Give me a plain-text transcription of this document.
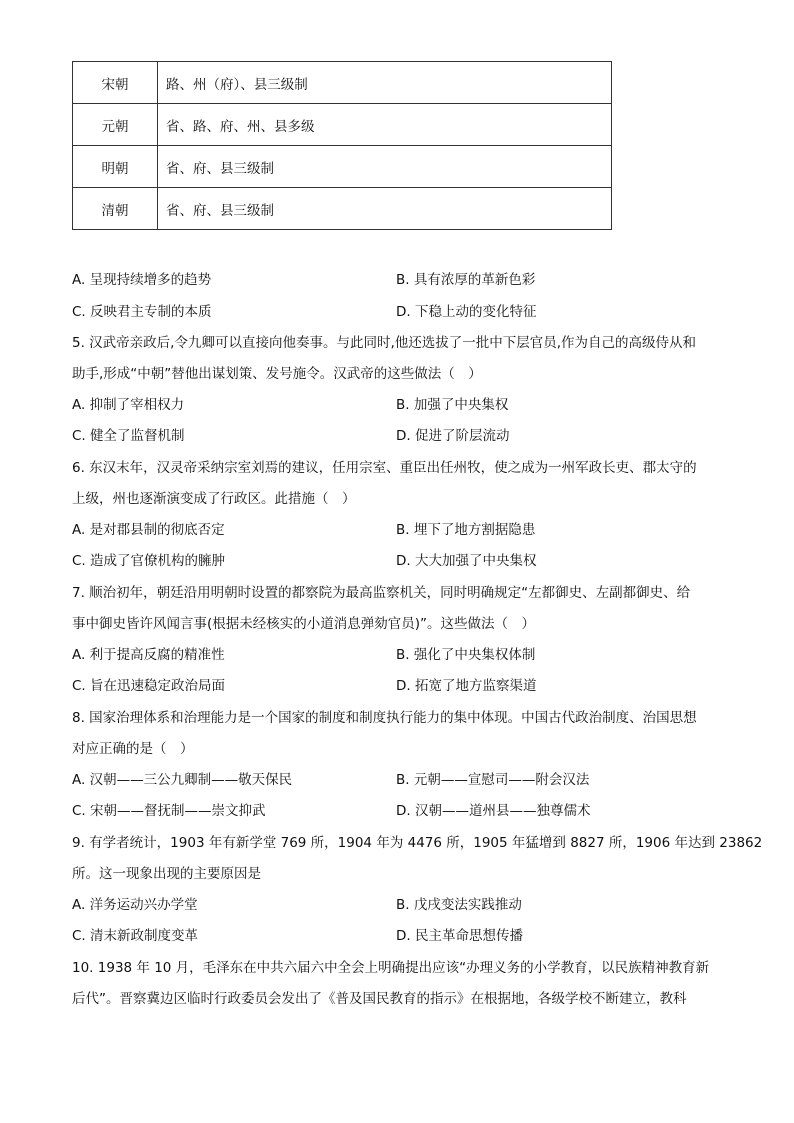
宋朝	路、州（府）、县三级制
元朝	省、路、府、州、县多级
明朝	省、府、县三级制
清朝	省、府、县三级制
A. 呈现持续增多的趋势	B. 具有浓厚的革新色彩
C. 反映君主专制的本质	D. 下稳上动的变化特征
5. 汉武帝亲政后,令九卿可以直接向他奏事。与此同时,他还选拔了一批中下层官员,作为自己的高级侍从和
助手,形成“中朝”替他出谋划策、发号施令。汉武帝的这些做法（　）
A. 抑制了宰相权力	B. 加强了中央集权
C. 健全了监督机制	D. 促进了阶层流动
6. 东汉末年，汉灵帝采纳宗室刘焉的建议，任用宗室、重臣出任州牧，使之成为一州军政长吏、郡太守的
上级，州也逐渐演变成了行政区。此措施（　）
A. 是对郡县制的彻底否定	B. 埋下了地方割据隐患
C. 造成了官僚机构的臃肿	D. 大大加强了中央集权
7. 顺治初年，朝廷沿用明朝时设置的都察院为最高监察机关，同时明确规定“左都御史、左副都御史、给
事中御史皆许风闻言事(根据未经核实的小道消息弹劾官员)”。这些做法（　）
A. 利于提高反腐的精准性	B. 强化了中央集权体制
C. 旨在迅速稳定政治局面	D. 拓宽了地方监察渠道
8. 国家治理体系和治理能力是一个国家的制度和制度执行能力的集中体现。中国古代政治制度、治国思想
对应正确的是（　）
A. 汉朝——三公九卿制——敬天保民	B. 元朝——宣慰司——附会汉法
C. 宋朝——督抚制——崇文抑武	D. 汉朝——道州县——独尊儒术
9. 有学者统计，1903 年有新学堂 769 所，1904 年为 4476 所，1905 年猛增到 8827 所，1906 年达到 23862
所。这一现象出现的主要原因是
A. 洋务运动兴办学堂	B. 戊戌变法实践推动
C. 清末新政制度变革	D. 民主革命思想传播
10. 1938 年 10 月，毛泽东在中共六届六中全会上明确提出应该“办理义务的小学教育，以民族精神教育新
后代”。晋察冀边区临时行政委员会发出了《普及国民教育的指示》在根据地，各级学校不断建立，教科
